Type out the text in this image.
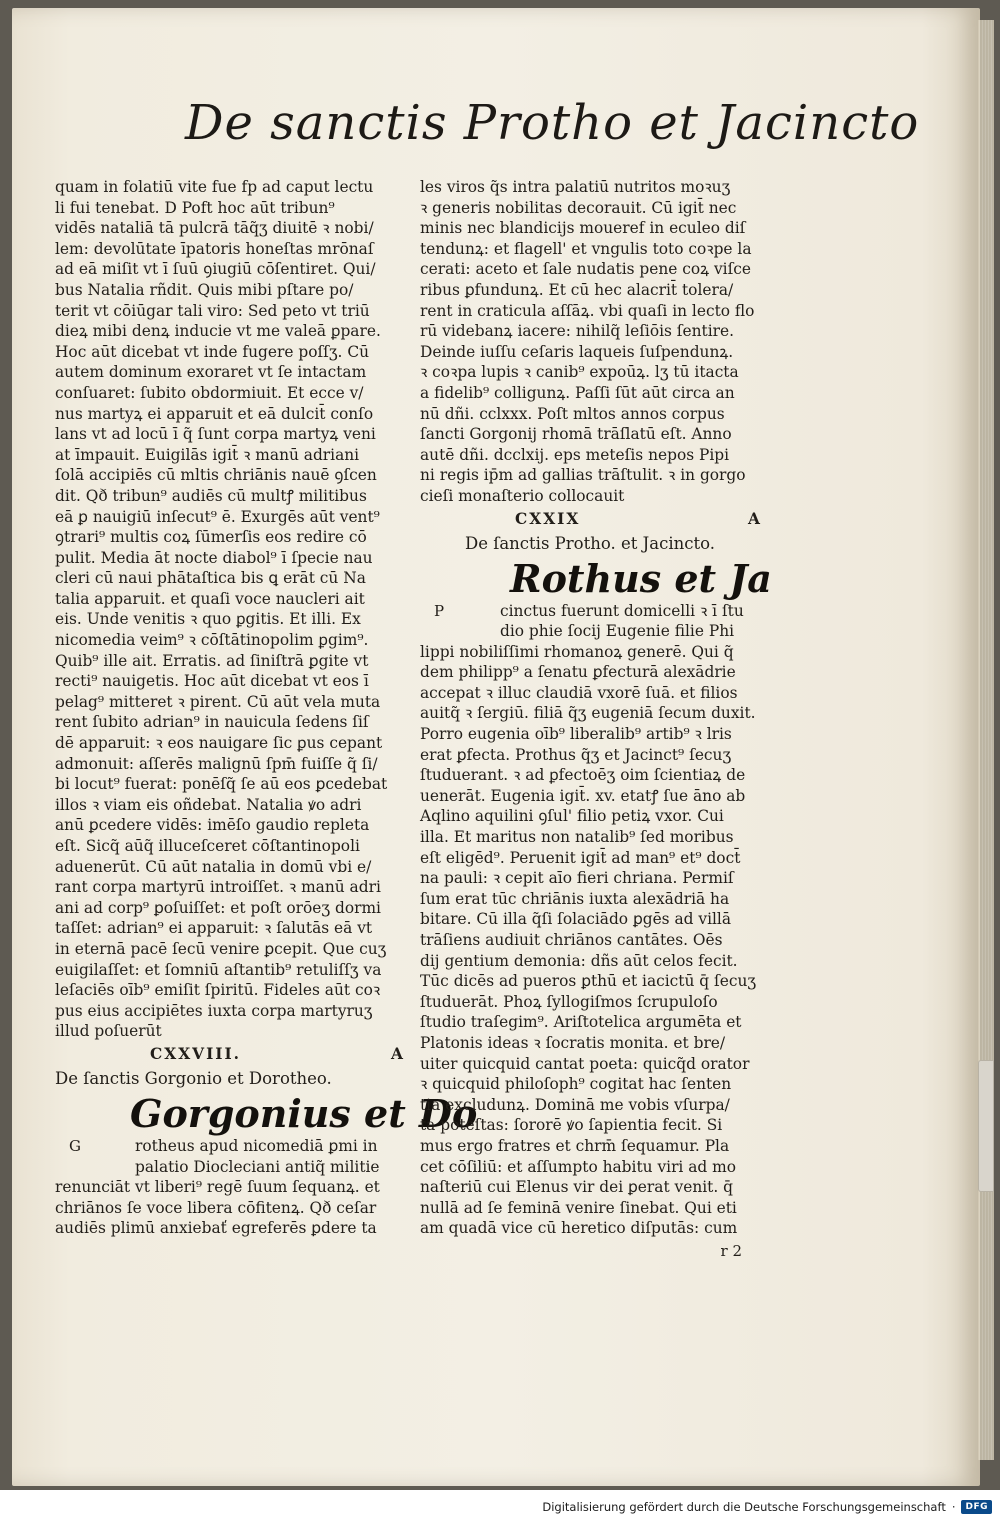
De sanctis Protho et Jacincto
quam in folatiū vite fue fp ad caput lectu
li fui tenebat. D Poft hoc aūt tribun⁹
vidēs nataliā tā pulcrā tāq̃ʒ diuitē ꝛ nobi/
lem: devolūtate īpatoris honeſtas mrōnaſ
ad eā miſit vt ī ſuū ꝯiugiū cōſentiret. Qui/
bus Natalia rñdit. Quis mibi pſtare po/
terit vt cōiūgar tali viro: Sed peto vt triū
dieꝝ mibi denꝝ inducie vt me valeā ꝑpare.
Hoc aūt dicebat vt inde fugere poſſʒ. Cū
autem dominum exoraret vt ſe intactam
conſuaret: ſubito obdormiuit. Et ecce v/
nus martyꝝ ei apparuit et eā dulcit̄ conſo
lans vt ad locū ī q̃ ſunt corpa martyꝝ veni
at īmpauit. Euigilās igit̄ ꝛ manū adriani
ſolā accipiēs cū mltis chriānis nauē ꝯſcen
dit. Qð tribun⁹ audiēs cū multꝭ militibus
eā ꝑ nauigiū inſecut⁹ ē. Exurgēs aūt vent⁹
ꝯtrari⁹ multis coꝝ ſūmerſis eos redire cō
pulit. Media āt nocte diabol⁹ ī ſpecie nau
cleri cū naui phātaſtica bis ꝗ erāt cū Na
talia apparuit. et quaſi voce naucleri ait
eis. Unde venitis ꝛ quo ꝑgitis. Et illi. Ex
nicomedia veim⁹ ꝛ cōſtātinopolim ꝑgim⁹.
Quib⁹ ille ait. Erratis. ad ſiniſtrā ꝑgite vt
recti⁹ nauigetis. Hoc aūt dicebat vt eos ī
pelag⁹ mitteret ꝛ pirent. Cū aūt vela muta
rent ſubito adrian⁹ in nauicula ſedens ſiſ
dē apparuit: ꝛ eos nauigare ſic ꝑus cepant
admonuit: aſſerēs malignū ſpm̄ fuiſſe q̃ ſi/
bi locut⁹ fuerat: ponēſq̃ ſe aū eos ꝑcedebat
illos ꝛ viam eis oñdebat. Natalia ꝟo adri
anū ꝑcedere vidēs: imēſo gaudio repleta
eſt. Sicq̃ aūq̃ illuceſceret cōſtantinopoli
aduenerūt. Cū aūt natalia in domū vbi e/
rant corpa martyrū introiſſet. ꝛ manū adri
ani ad corp⁹ ꝑoſuiſſet: et poſt orōeʒ dormi
taſſet: adrian⁹ ei apparuit: ꝛ ſalutās eā vt
in eternā pacē ſecū venire ꝑcepit. Que cuʒ
euigilaſſet: et ſomniū aſtantib⁹ retuliſſʒ va
leſaciēs oīb⁹ emiſit ſpiritū. Fideles aūt coꝛ
pus eius accipiētes iuxta corpa martyruʒ
illud poſuerūt
CXXVIII.	A
De ſanctis Gorgonio et Dorotheo.
Gorgonius et Do
G	rotheus apud nicomediā ꝑmi in
palatio Diocleciani antiq̃ militie
renunciāt vt liberi⁹ regē ſuum ſequanꝝ. et
chriānos ſe voce libera cōfitenꝝ. Qð ceſar
audiēs plimū anxiebať egreferēs ꝑdere ta
les viros q̃s intra palatiū nutritos moꝛuʒ
ꝛ generis nobilitas decorauit. Cū igit̄ nec
minis nec blandicijs moueref in eculeo diſ
tendunꝝ: et flagell' et vngulis toto coꝛpe la
cerati: aceto et ſale nudatis pene coꝝ viſce
ribus ꝑfundunꝝ. Et cū hec alacrit̄ tolera/
rent in craticula aſſāꝝ. vbi quaſi in lecto flo
rū videbanꝝ iacere: nihilq̃ leſiōis ſentire.
Deinde iuſſu ceſaris laqueis ſuſpendunꝝ.
ꝛ coꝛpa lupis ꝛ canib⁹ expoūꝝ. lʒ tū itacta
a fidelib⁹ colligunꝝ. Paſſi ſūt aūt circa an
nū dñi. cclxxx. Poſt mltos annos corpus
ſancti Gorgonij rhomā trāſlatū eſt. Anno
autē dñi. dcclxij. eps meteſis nepos Pipi
ni regis ip̄m ad gallias trāſtulit. ꝛ in gorgo
cieſi monaſterio collocauit
CXXIX	A
De ſanctis Protho. et Jacincto.
Rothus et Ja
P	cinctus fuerunt domicelli ꝛ ī ſtu
dio phie ſocij Eugenie filie Phi
lippi nobiliſſimi rhomanoꝝ generē. Qui q̃
dem philipp⁹ a ſenatu ꝑfecturā alexādrie
accepat ꝛ illuc claudiā vxorē ſuā. et filios
auitq̃ ꝛ ſergiū. filiā q̃ʒ eugeniā ſecum duxit.
Porro eugenia oīb⁹ liberalib⁹ artib⁹ ꝛ lris
erat ꝑfecta. Prothus q̃ʒ et Jacinct⁹ ſecuʒ
ſtuduerant. ꝛ ad ꝑfectoēʒ oim ſcientiaꝝ de
uenerāt. Eugenia igit̄. xv. etatꝭ ſue āno ab
Aqlino aquilini ꝯſul' filio petiꝝ vxor. Cui
illa. Et maritus non natalib⁹ ſed moribus
eſt eligēd⁹. Peruenit igit̄ ad man⁹ et⁹ doct̄
na pauli: ꝛ cepit aīo fieri chriana. Permiſ
ſum erat tūc chriānis iuxta alexādriā ha
bitare. Cū illa q̃ſi ſolaciādo ꝑgēs ad villā
trāſiens audiuit chriānos cantātes. Oēs
dij gentium demonia: dñs aūt celos fecit.
Tūc dicēs ad pueros ꝑthū et iacictū q̄ ſecuʒ
ſtuduerāt. Phoꝝ ſyllogiſmos ſcrupuloſo
ſtudio traſegim⁹. Ariſtotelica argumēta et
Platonis ideas ꝛ ſocratis monita. et bre/
uiter quicquid cantat poeta: quicq̃d orator
ꝛ quicquid philoſoph⁹ cogitat hac ſenten
tia excludunꝝ. Dominā me vobis vſurpa/
ta poteſtas: ſororē ꝟo ſapientia fecit. Si
mus ergo fratres et chrm̄ ſequamur. Pla
cet cōſiliū: et aſſumpto habitu viri ad mo
naſteriū cui Elenus vir dei ꝑerat venit. q̄
nullā ad ſe feminā venire ſinebat. Qui eti
am quadā vice cū heretico diſputās: cum
r 2
Digitalisierung gefördert durch die Deutsche Forschungsgemeinschaft ·	DFG
